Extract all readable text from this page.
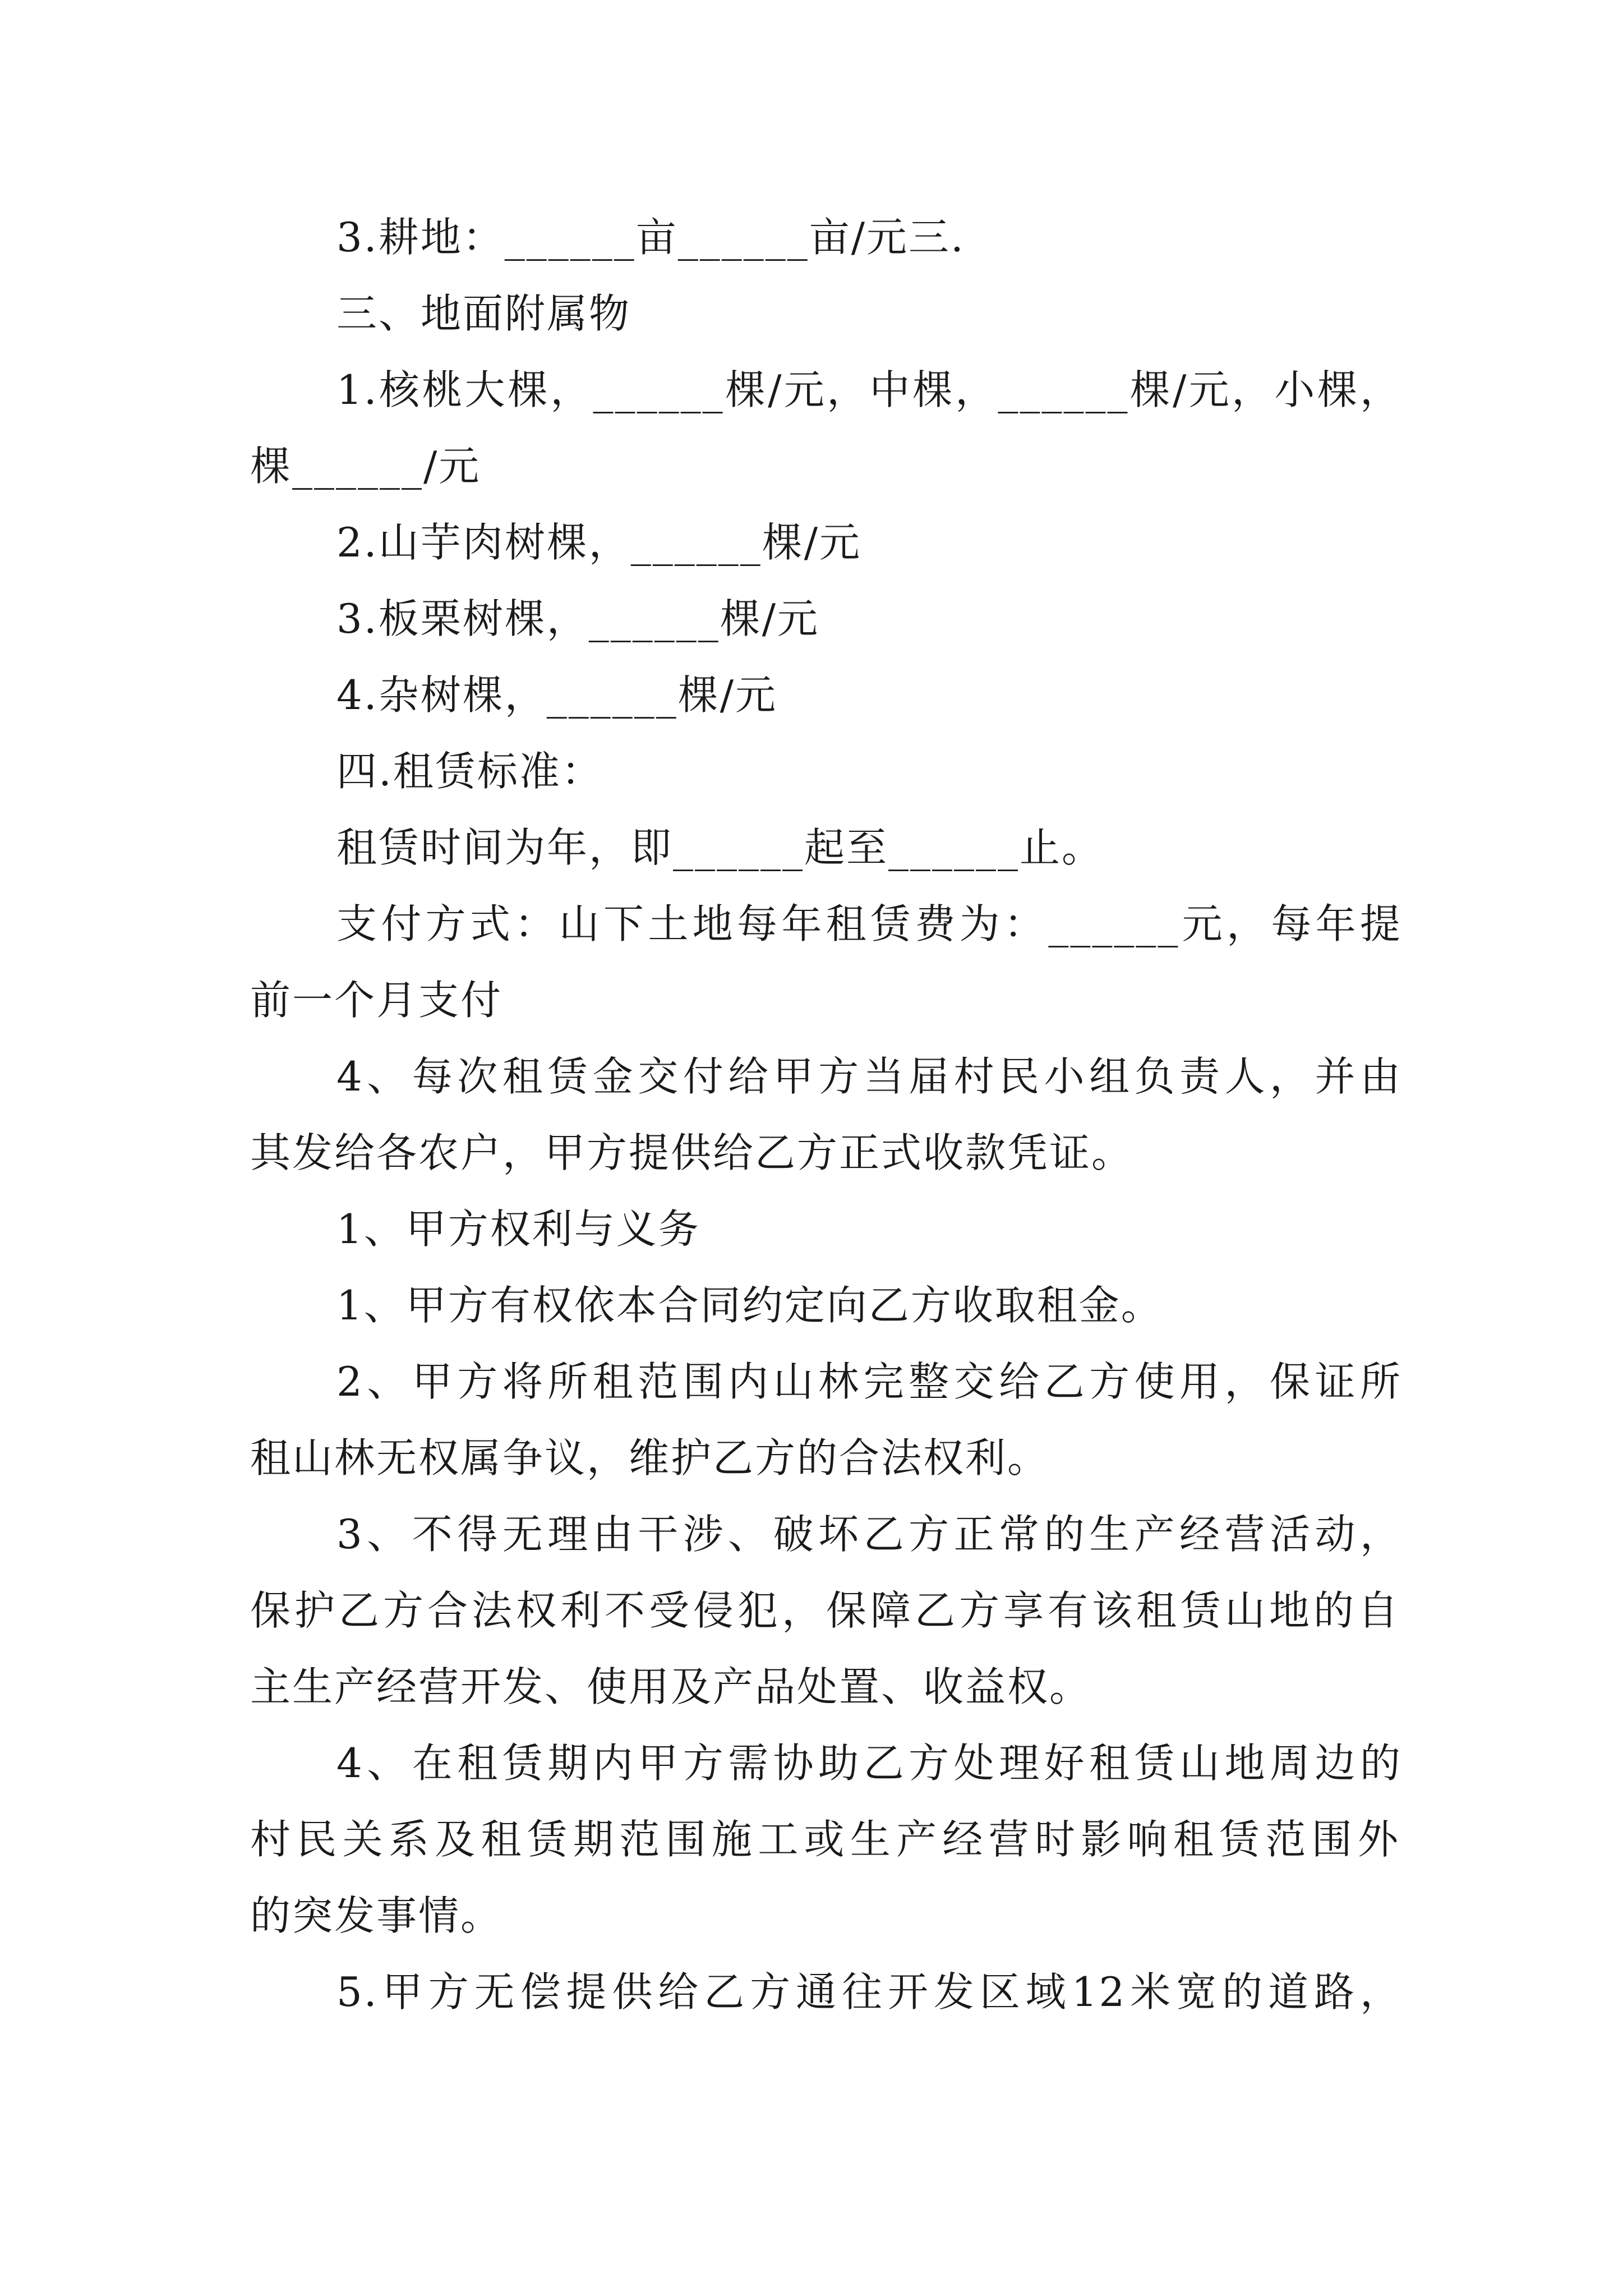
3.耕地：______亩______亩/元三.
三、地面附属物
1.核桃大棵，______棵/元，中棵，______棵/元，小棵，
棵______/元
2.山芋肉树棵，______棵/元
3.板栗树棵，______棵/元
4.杂树棵，______棵/元
四.租赁标准：
租赁时间为年，即______起至______止。
支付方式：山下土地每年租赁费为：______元，每年提
前一个月支付
4、每次租赁金交付给甲方当届村民小组负责人，并由
其发给各农户，甲方提供给乙方正式收款凭证。
1、甲方权利与义务
1、甲方有权依本合同约定向乙方收取租金。
2、甲方将所租范围内山林完整交给乙方使用，保证所
租山林无权属争议，维护乙方的合法权利。
3、不得无理由干涉、破坏乙方正常的生产经营活动，
保护乙方合法权利不受侵犯，保障乙方享有该租赁山地的自
主生产经营开发、使用及产品处置、收益权。
4、在租赁期内甲方需协助乙方处理好租赁山地周边的
村民关系及租赁期范围施工或生产经营时影响租赁范围外
的突发事情。
5.甲方无偿提供给乙方通往开发区域12米宽的道路，
